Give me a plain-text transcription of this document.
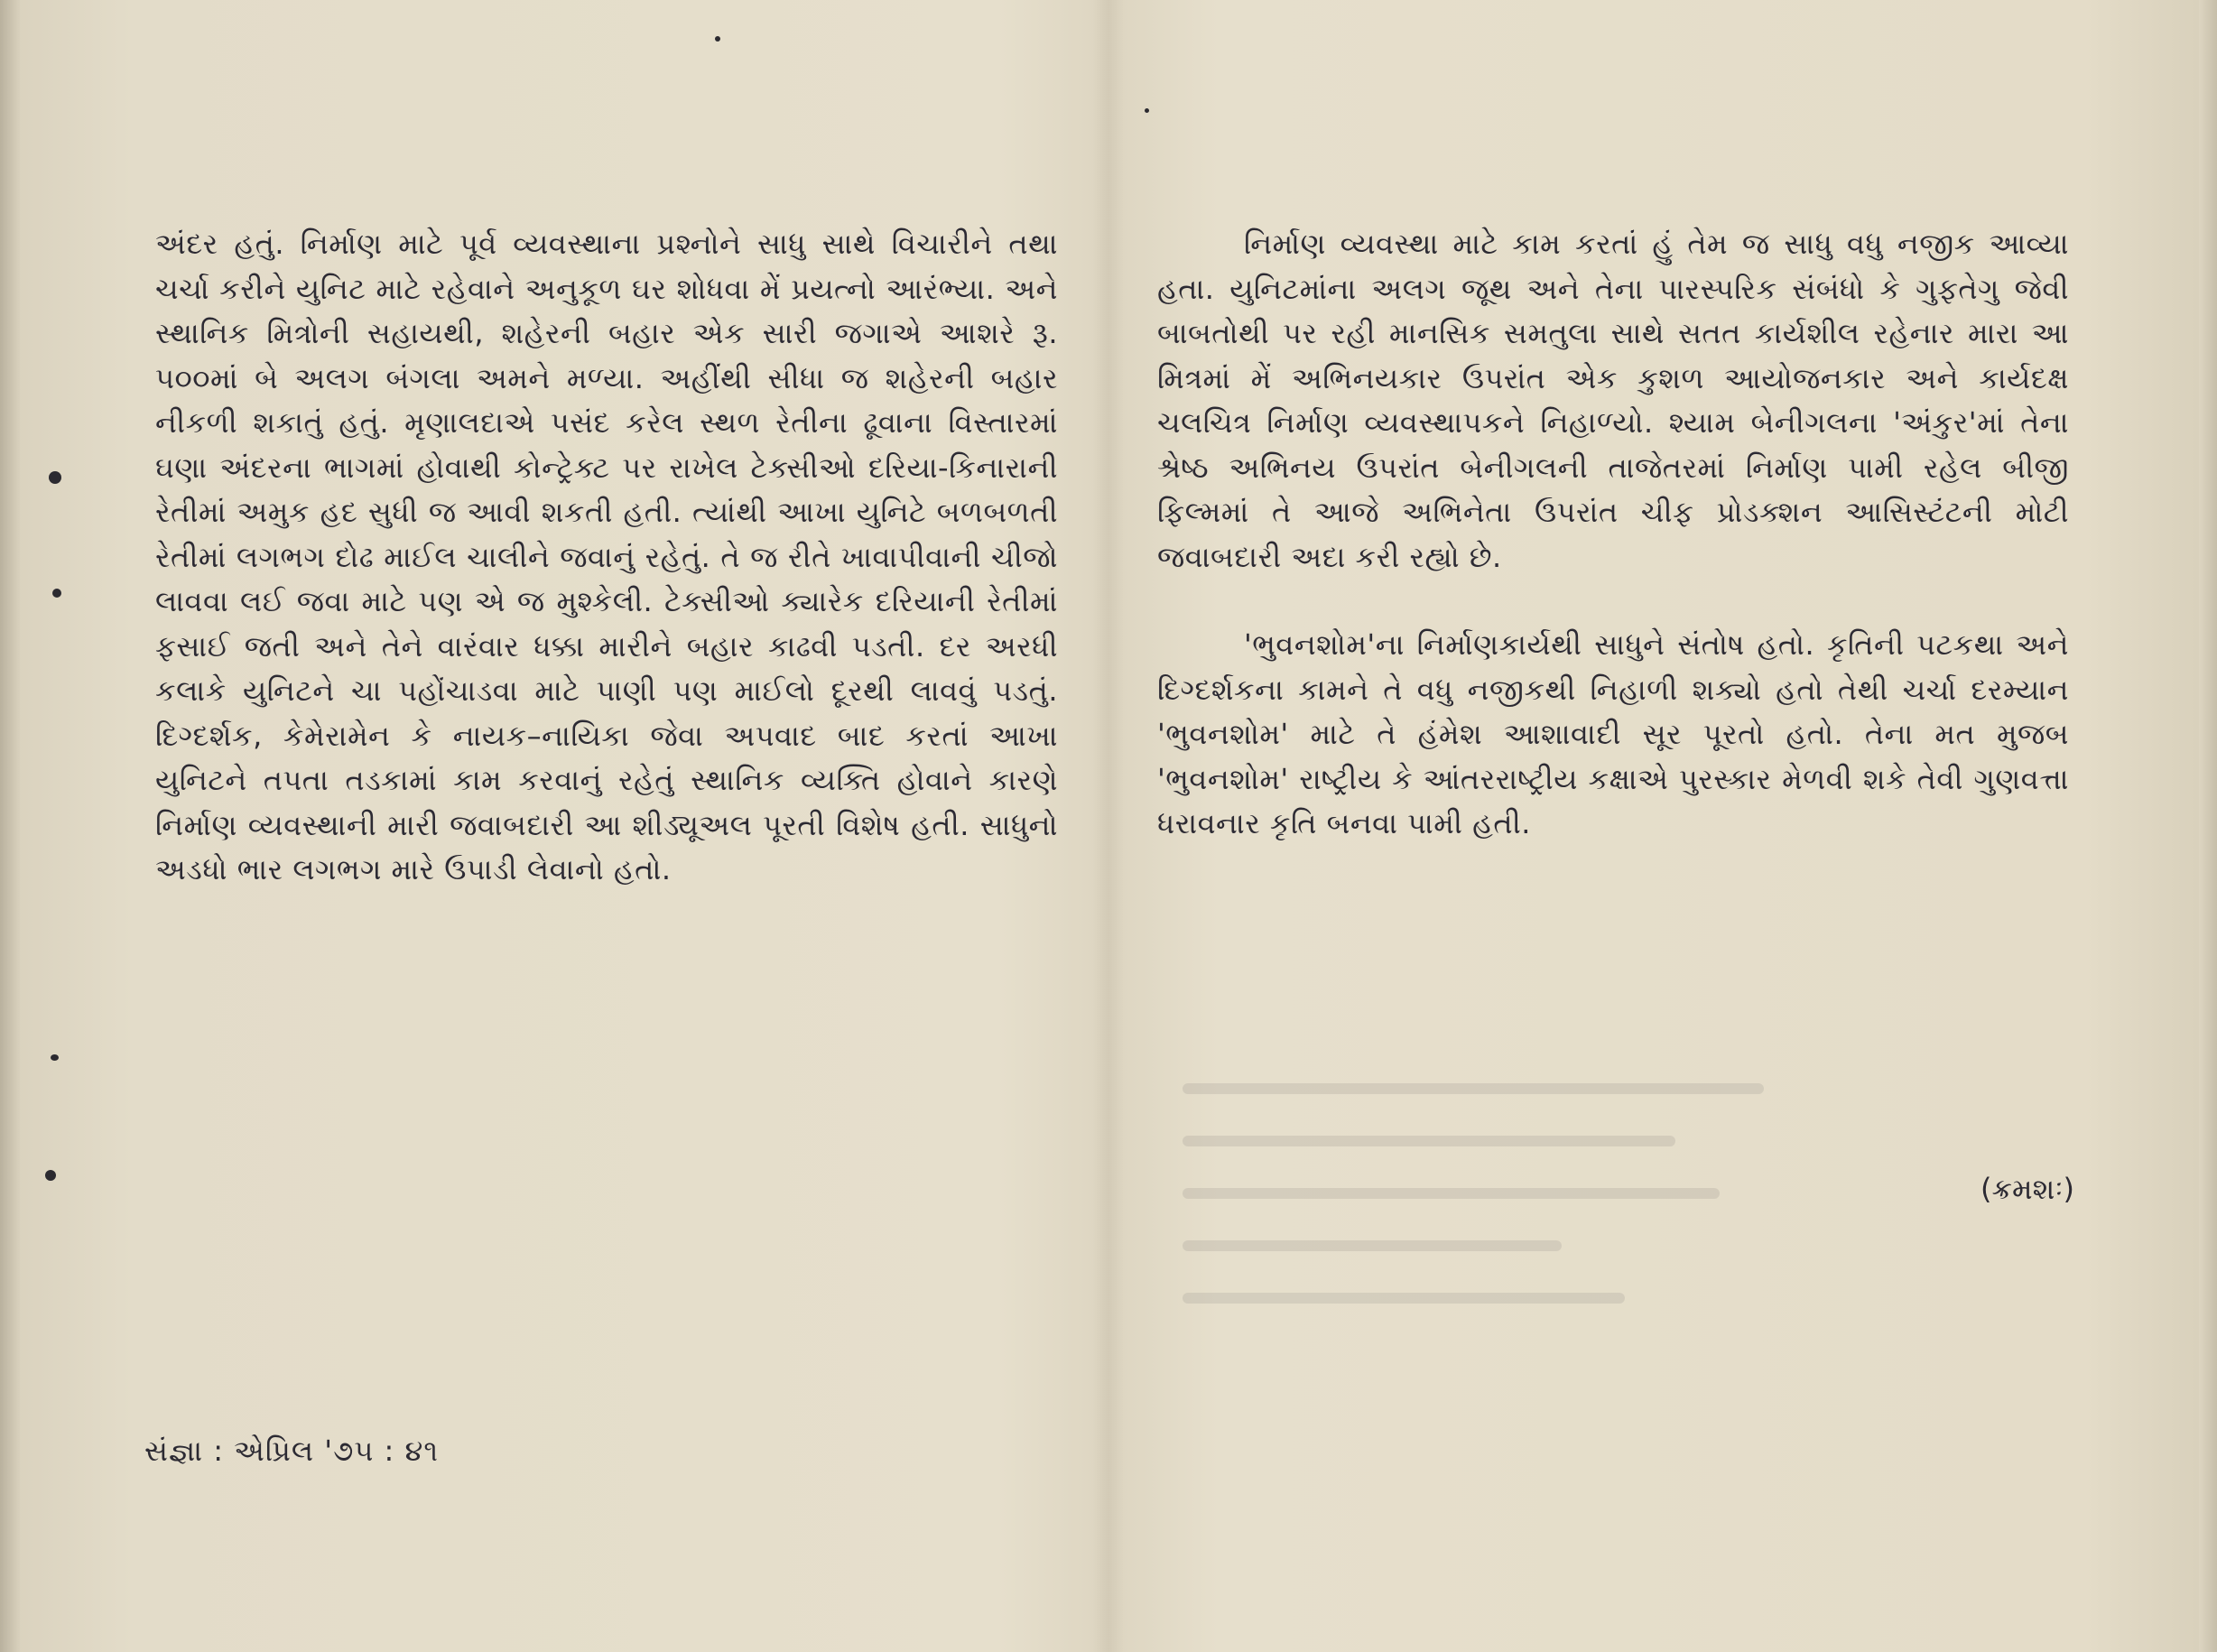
અંદર હતું. નિર્માણ માટે પૂર્વ વ્યવસ્થાના પ્રશ્નોને સાધુ સાથે વિચારીને તથા ચર્ચા કરીને યુનિટ માટે રહેવાને અનુકૂળ ઘર શોધવા મેં પ્રયત્નો આરંભ્યા. અને સ્થાનિક મિત્રોની સહાયથી, શહેરની બહાર એક સારી જગાએ આશરે રૂ. ૫૦૦માં બે અલગ બંગલા અમને મળ્યા. અહીંથી સીધા જ શહેરની બહાર નીકળી શકાતું હતું. મૃણાલદાએ પસંદ કરેલ સ્થળ રેતીના ઢૂવાના વિસ્તારમાં ઘણા અંદરના ભાગમાં હોવાથી કોન્ટ્રેક્ટ પર રાખેલ ટેક્સીઓ દરિયા-કિનારાની રેતીમાં અમુક હદ સુધી જ આવી શકતી હતી. ત્યાંથી આખા યુનિટે બળબળતી રેતીમાં લગભગ દોઢ માઈલ ચાલીને જવાનું રહેતું. તે જ રીતે ખાવાપીવાની ચીજો લાવવા લઈ જવા માટે પણ એ જ મુશ્કેલી. ટેક્સીઓ ક્યારેક દરિયાની રેતીમાં ફસાઈ જતી અને તેને વારંવાર ધક્કા મારીને બહાર કાઢવી પડતી. દર અરધી કલાકે યુનિટને ચા પહોંચાડવા માટે પાણી પણ માઈલો દૂરથી લાવવું પડતું. દિગ્દર્શક, કેમેરામેન કે નાયક–નાયિકા જેવા અપવાદ બાદ કરતાં આખા યુનિટને તપતા તડકામાં કામ કરવાનું રહેતું સ્થાનિક વ્યક્તિ હોવાને કારણે નિર્માણ વ્યવસ્થાની મારી જવાબદારી આ શીડ્યૂઅલ પૂરતી વિશેષ હતી. સાધુનો અડધો ભાર લગભગ મારે ઉપાડી લેવાનો હતો.

નિર્માણ વ્યવસ્થા માટે કામ કરતાં હું તેમ જ સાધુ વધુ નજીક આવ્યા હતા. યુનિટમાંના અલગ જૂથ અને તેના પારસ્પરિક સંબંધો કે ગુફતેગુ જેવી બાબતોથી પર રહી માનસિક સમતુલા સાથે સતત કાર્યશીલ રહેનાર મારા આ મિત્રમાં મેં અભિનયકાર ઉપરાંત એક કુશળ આયોજનકાર અને કાર્યદક્ષ ચલચિત્ર નિર્માણ વ્યવસ્થાપકને નિહાળ્યો. શ્યામ બેનીગલના 'અંકુર'માં તેના શ્રેષ્ઠ અભિનય ઉપરાંત બેનીગલની તાજેતરમાં નિર્માણ પામી રહેલ બીજી ફિલ્મમાં તે આજે અભિનેતા ઉપરાંત ચીફ પ્રોડક્શન આસિસ્ટંટની મોટી જવાબદારી અદા કરી રહ્યો છે.

'ભુવનશોમ'ના નિર્માણકાર્યથી સાધુને સંતોષ હતો. કૃતિની પટકથા અને દિગ્દર્શકના કામને તે વધુ નજીકથી નિહાળી શક્યો હતો તેથી ચર્ચા દરમ્યાન 'ભુવનશોમ' માટે તે હંમેશ આશાવાદી સૂર પૂરતો હતો. તેના મત મુજબ 'ભુવનશોમ' રાષ્ટ્રીય કે આંતરરાષ્ટ્રીય કક્ષાએ પુરસ્કાર મેળવી શકે તેવી ગુણવત્તા ધરાવનાર કૃતિ બનવા પામી હતી.

(ક્રમશઃ)
સંજ્ઞા : એપ્રિલ '૭૫ : ૪૧
